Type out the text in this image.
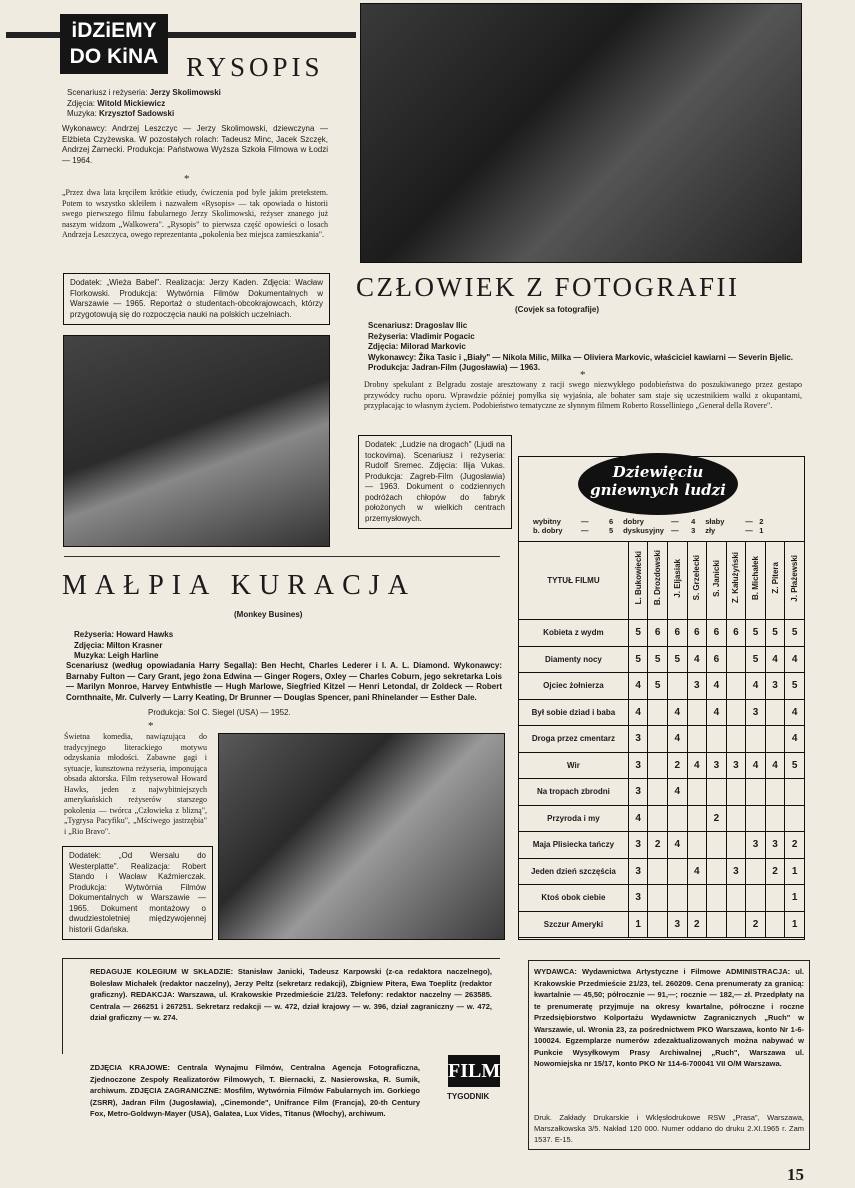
iDZiEMY
DO KiNA	RYSOPIS
Scenariusz i reżyseria: Jerzy Skolimowski
Zdjęcia: Witold Mickiewicz
Muzyka: Krzysztof Sadowski
Wykonawcy: Andrzej Leszczyc — Jerzy Skolimowski, dziewczyna — Elżbieta Czyżewska. W pozostałych rolach: Tadeusz Minc, Jacek Szczęk, Andrzej Żarnecki. Produkcja: Państwowa Wyższa Szkoła Filmowa w Łodzi — 1964.
*
„Przez dwa lata kręciłem krótkie etiudy, ćwiczenia pod byle jakim pretekstem. Potem to wszystko skleiłem i nazwałem «Rysopis» — tak opowiada o historii swego pierwszego filmu fabularnego Jerzy Skolimowski, reżyser znanego już naszym widzom „Walkowera". „Rysopis" to pierwsza część opowieści o losach Andrzeja Leszczyca, owego reprezentanta „pokolenia bez miejsca zamieszkania".
Dodatek: „Wieża Babel". Realizacja: Jerzy Kaden. Zdjęcia: Wacław Florkowski. Produkcja: Wytwórnia Filmów Dokumentalnych w Warszawie — 1965. Reportaż o studentach-obcokrajowcach, którzy przygotowują się do rozpoczęcia nauki na polskich uczelniach.
CZŁOWIEK Z FOTOGRAFII
(Covjek sa fotografije)
Scenariusz: Dragoslav Ilic
Reżyseria: Vladimir Pogacic
Zdjęcia: Milorad Markovic
Wykonawcy: Žika Tasic i „Biały" — Nikola Milic, Milka — Oliviera Markovic, właściciel kawiarni — Severin Bjelic.
Produkcja: Jadran-Film (Jugosławia) — 1963.
*
Drobny spekulant z Belgradu zostaje aresztowany z racji swego niezwykłego podobieństwa do poszukiwanego przez gestapo przywódcy ruchu oporu. Wprawdzie później pomyłka się wyjaśnia, ale bohater sam staje się uczestnikiem walki z okupantami, przypłacając to własnym życiem. Podobieństwo tematyczne ze słynnym filmem Roberto Rosselliniego „Generał della Rovere".
Dodatek: „Ludzie na drogach" (Ljudi na tockovima). Scenariusz i reżyseria: Rudolf Sremec. Zdjęcia: Ilija Vukas. Produkcja: Zagreb-Film (Jugosławia) — 1963. Dokument o codziennych podróżach chłopów do fabryk położonych w wielkich centrach przemysłowych.
MAŁPIA KURACJA
(Monkey Busines)
Reżyseria: Howard Hawks
Zdjęcia: Milton Krasner
Muzyka: Leigh Harline
Scenariusz (według opowiadania Harry Segalla): Ben Hecht, Charles Lederer i I. A. L. Diamond. Wykonawcy: Barnaby Fulton — Cary Grant, jego żona Edwina — Ginger Rogers, Oxley — Charles Coburn, jego sekretarka Lois — Marilyn Monroe, Harvey Entwhistle — Hugh Marlowe, Siegfried Kitzel — Henri Letondal, dr Zoldeck — Robert Cornthnaite, Mr. Culverly — Larry Keating, Dr Brunner — Douglas Spencer, pani Rhinelander — Esther Dale.
Produkcja: Sol C. Siegel (USA) — 1952.
*
Świetna komedia, nawiązująca do tradycyjnego literackiego motywu odzyskania młodości. Zabawne gagi i sytuacje, kunsztowna reżyseria, imponująca obsada aktorska. Film reżyserował Howard Hawks, jeden z najwybitniejszych amerykańskich reżyserów starszego pokolenia — twórca „Człowieka z blizną", „Tygrysa Pacyfiku", „Mściwego jastrzębia" i „Rio Bravo".
Dodatek: „Od Wersalu do Westerplatte". Realizacja: Robert Stando i Wacław Kaźmierczak. Produkcja: Wytwórnia Filmów Dokumentalnych w Warszawie — 1965. Dokument montażowy o dwudziestoletniej międzywojennej historii Gdańska.
Dziewięciu
gniewnych ludzi
wybitny	—	6 dobry	— 4 słaby	— 2
b. dobry —	5 dyskusyjny — 3 zły	— 1
TYTUŁ FILMU	L. Bukowiecki	B. Drozdowski	J. Eljasiak	S. Grzelecki	S. Janicki	Z. Kałużyński	B. Michałek	Z. Pitera	J. Płażewski
Kobieta z wydm	5	6	6	6	6	6	5	5	5
Diamenty nocy	5	5	5	4	6		5	4	4
Ojciec żołnierza	4	5		3	4		4	3	5
Był sobie dziad i baba	4		4		4		3		4
Droga przez cmentarz	3		4						4
Wir	3		2	4	3	3	4	4	5
Na tropach zbrodni	3		4						
Przyroda i my	4				2				
Maja Plisiecka tańczy	3	2	4				3	3	2
Jeden dzień szczęścia	3			4		3		2	1
Ktoś obok ciebie	3								1
Szczur Ameryki	1		3	2			2		1
REDAGUJE KOLEGIUM W SKŁADZIE: Stanisław Janicki, Tadeusz Karpowski (z-ca redaktora naczelnego), Bolesław Michałek (redaktor naczelny), Jerzy Peltz (sekretarz redakcji), Zbigniew Pitera, Ewa Toeplitz (redaktor graficzny). REDAKCJA: Warszawa, ul. Krakowskie Przedmieście 21/23. Telefony: redaktor naczelny — 263585. Centrala — 266251 i 267251. Sekretarz redakcji — w. 472, dział krajowy — w. 396, dział zagraniczny — w. 472, dział graficzny — w. 274.
WYDAWCA: Wydawnictwa Artystyczne i Filmowe ADMINISTRACJA: ul. Krakowskie Przedmieście 21/23, tel. 260209. Cena prenumeraty za granicą: kwartalnie — 45,50; półrocznie — 91,—; rocznie — 182,— zł. Przedpłaty na te prenumeratę przyjmuje na okresy kwartalne, półroczne i roczne Przedsiębiorstwo Kolportażu Wydawnictw Zagranicznych „Ruch" w Warszawie, ul. Wronia 23, za pośrednictwem PKO Warszawa, konto Nr 1-6-100024. Egzemplarze numerów zdezaktualizowanych można nabywać w Punkcie Wysyłkowym Prasy Archiwalnej „Ruch", Warszawa ul. Nowomiejska nr 15/17, konto PKO Nr 114-6-700041 VII O/M Warszawa.
Druk. Zakłady Drukarskie i Wklęsłodrukowe RSW „Prasa", Warszawa, Marszałkowska 3/5. Nakład 120 000. Numer oddano do druku 2.XI.1965 r. Zam 1537. E-15.
ZDJĘCIA KRAJOWE: Centrala Wynajmu Filmów, Centralna Agencja Fotograficzna, Zjednoczone Zespoły Realizatorów Filmowych, T. Biernacki, Z. Nasierowska, R. Sumik, archiwum. ZDJĘCIA ZAGRANICZNE: Mosfilm, Wytwórnia Filmów Fabularnych im. Gorkiego (ZSRR), Jadran Film (Jugosławia), „Cinemonde", Unifrance Film (Francja), 20-th Century Fox, Metro-Goldwyn-Mayer (USA), Galatea, Lux Vides, Titanus (Włochy), archiwum.
FILM
TYGODNIK
15
